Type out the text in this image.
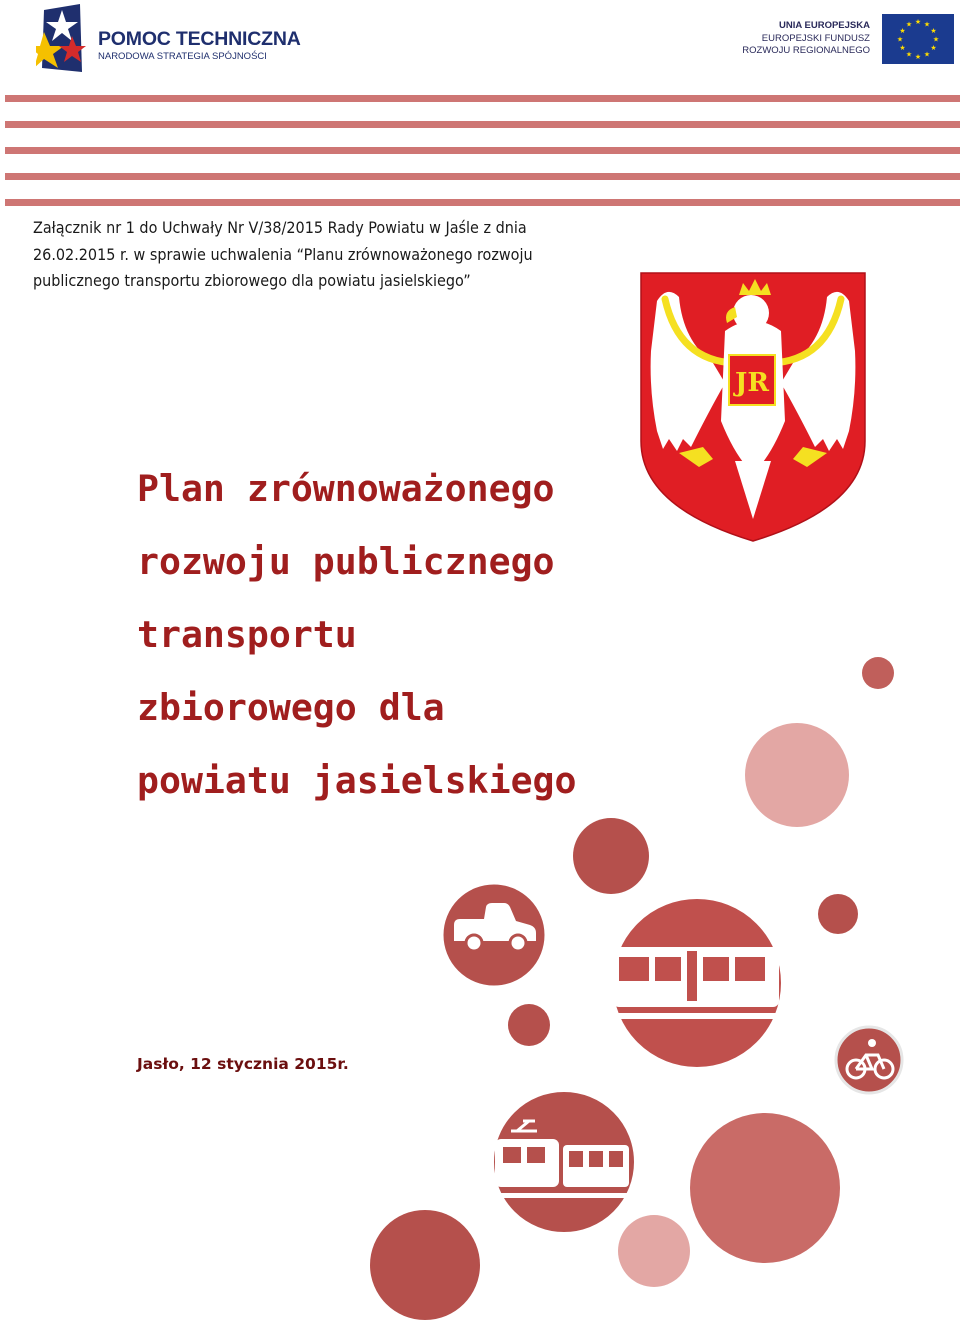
POMOC TECHNICZNA
NARODOWA STRATEGIA SPÓJNOŚCI
UNIA EUROPEJSKA
EUROPEJSKI FUNDUSZ
ROZWOJU REGIONALNEGO
★ ★
★
★
★
★
★
★
★
★
★
★
Załącznik nr 1 do Uchwały Nr V/38/2015 Rady Powiatu w Jaśle z dnia
26.02.2015 r. w sprawie uchwalenia “Planu zrównoważonego rozwoju
publicznego transportu zbiorowego dla powiatu jasielskiego”
JR
Plan zrównoważonego
rozwoju publicznego
transportu
zbiorowego dla
powiatu jasielskiego
Jasło, 12 stycznia 2015r.
